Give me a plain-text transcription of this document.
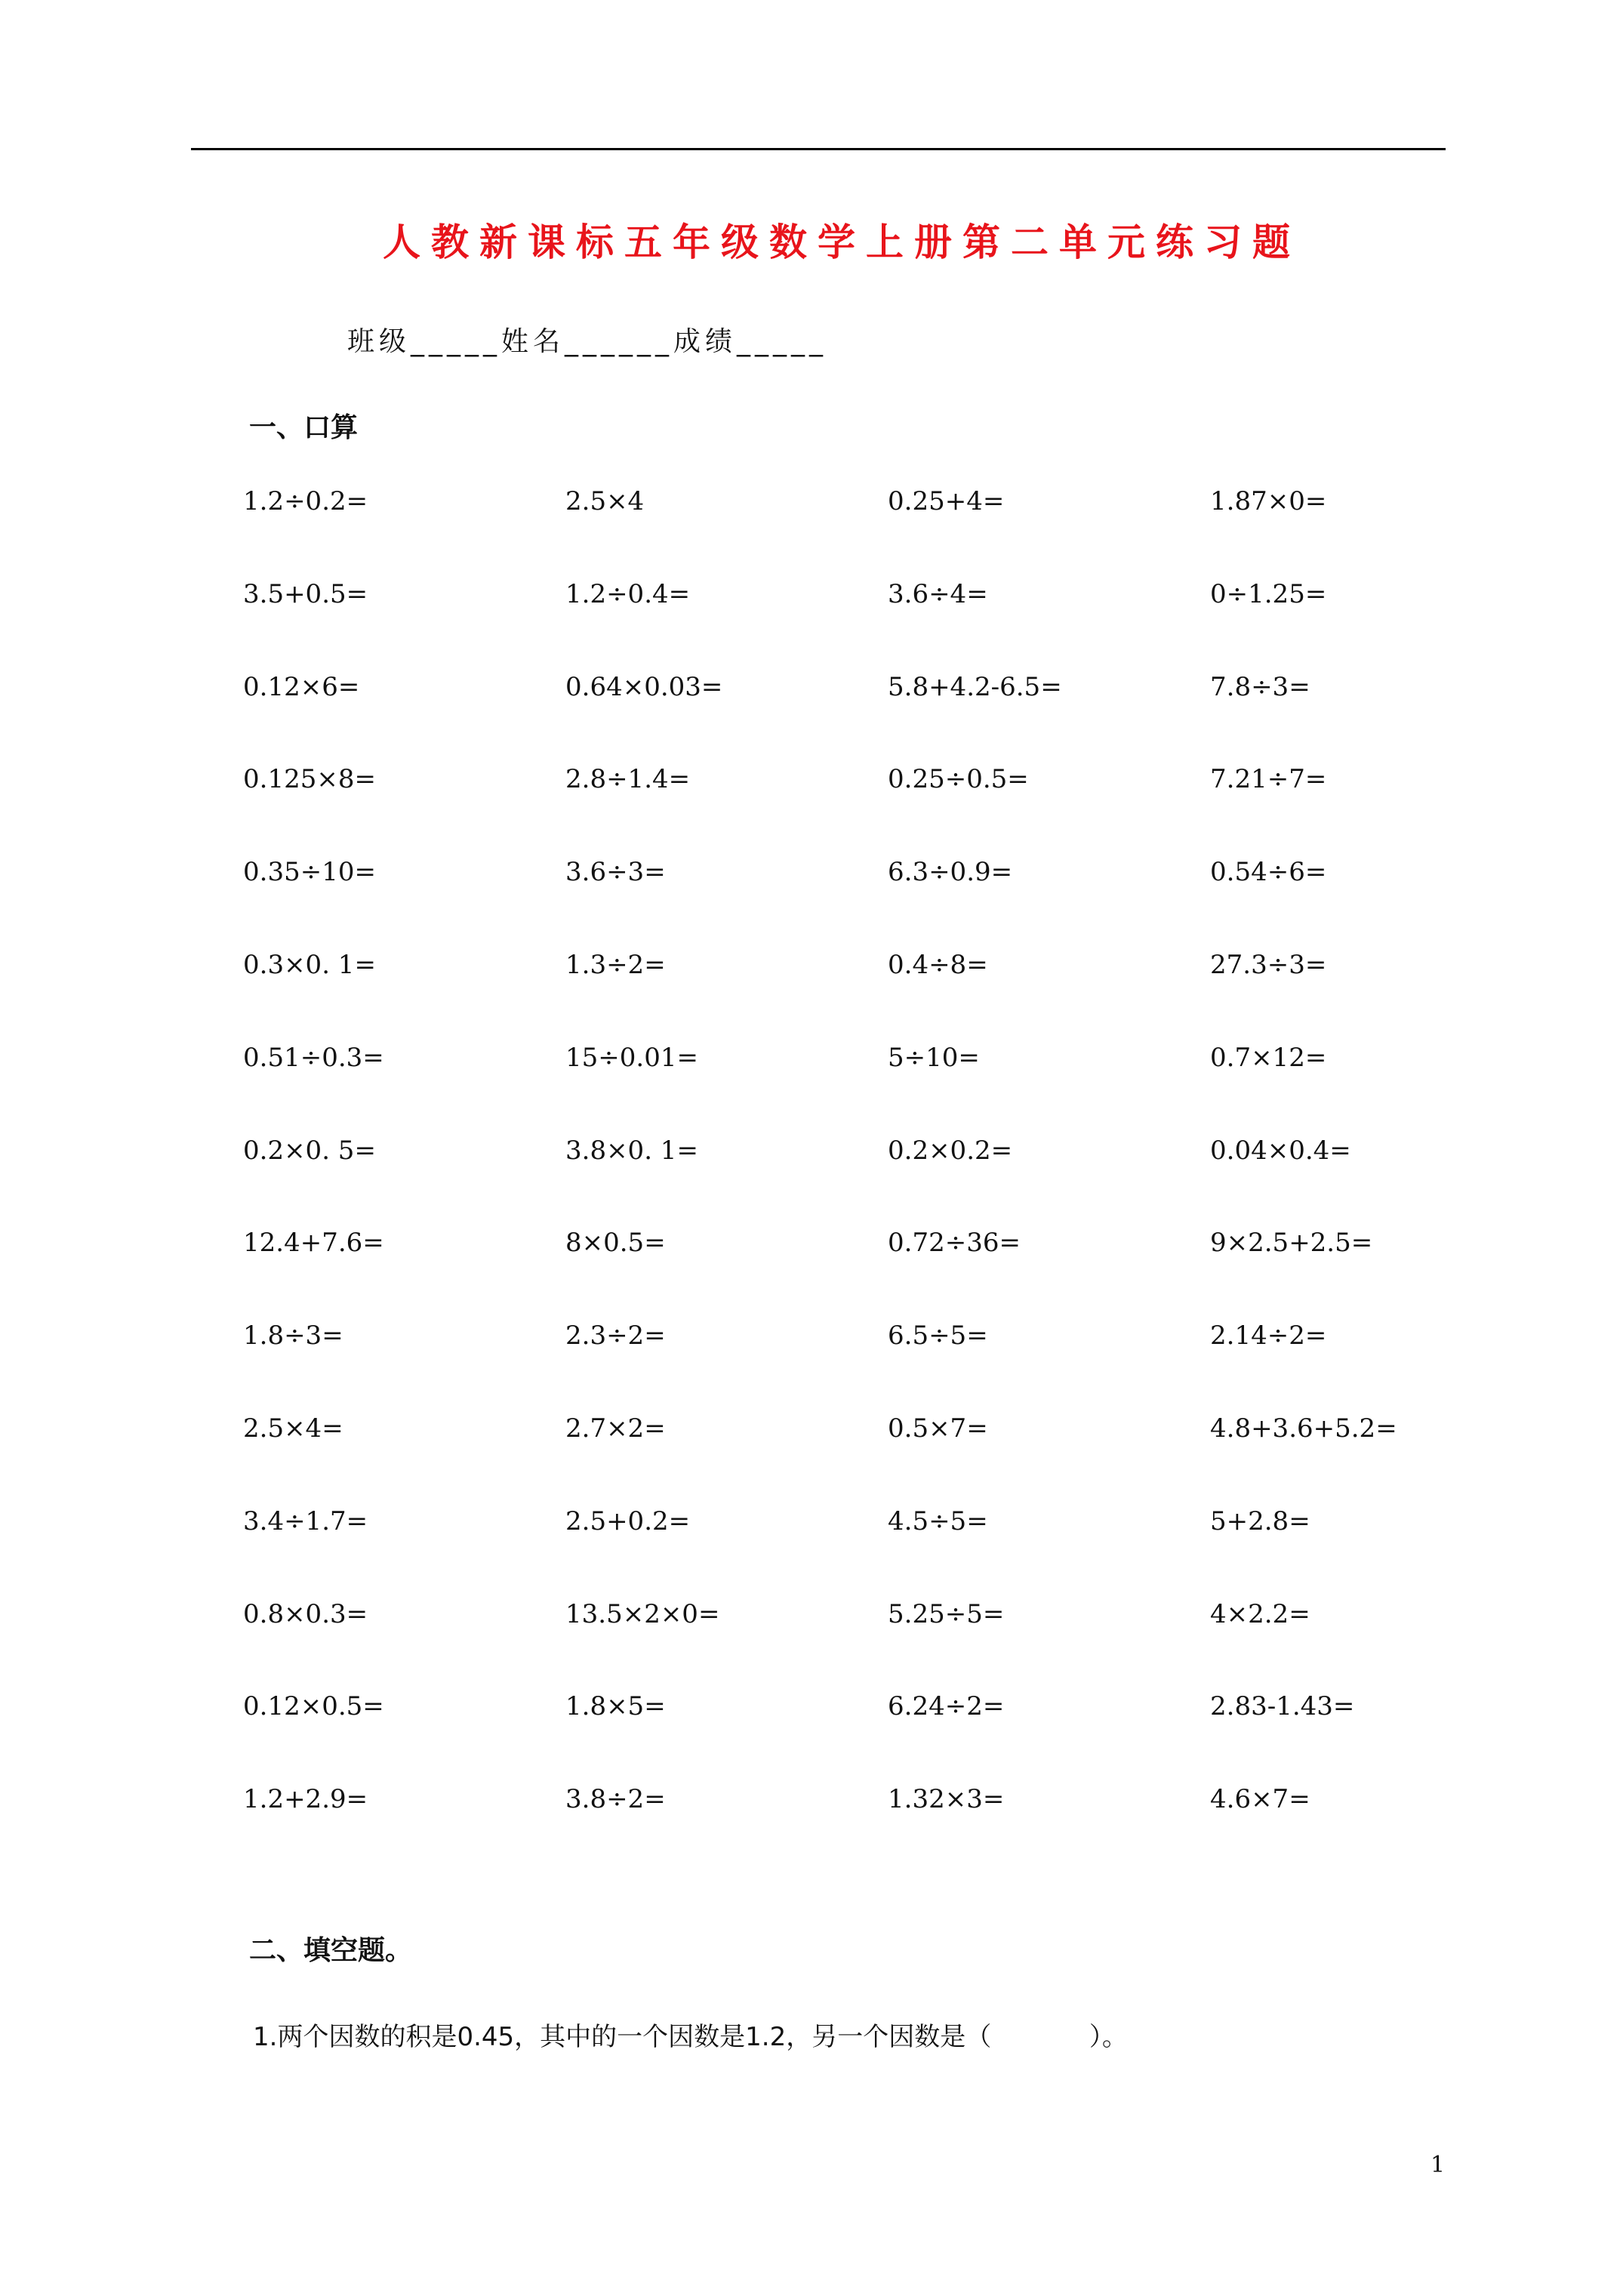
人教新课标五年级数学上册第二单元练习题
班级_____姓名______成绩_____
一、口算
1.2÷0.2=	2.5×4	0.25+4=	1.87×0=
3.5+0.5=	1.2÷0.4=	3.6÷4=	0÷1.25=
0.12×6=	0.64×0.03=	5.8+4.2-6.5=	7.8÷3=
0.125×8=	2.8÷1.4=	0.25÷0.5=	7.21÷7=
0.35÷10=	3.6÷3=	6.3÷0.9=	0.54÷6=
0.3×0. 1=	1.3÷2=	0.4÷8=	27.3÷3=
0.51÷0.3=	15÷0.01=	5÷10=	0.7×12=
0.2×0. 5=	3.8×0. 1=	0.2×0.2=	0.04×0.4=
12.4+7.6=	8×0.5=	0.72÷36=	9×2.5+2.5=
1.8÷3=	2.3÷2=	6.5÷5=	2.14÷2=
2.5×4=	2.7×2=	0.5×7=	4.8+3.6+5.2=
3.4÷1.7=	2.5+0.2=	4.5÷5=	5+2.8=
0.8×0.3=	13.5×2×0=	5.25÷5=	4×2.2=
0.12×0.5=	1.8×5=	6.24÷2=	2.83-1.43=
1.2+2.9=	3.8÷2=	1.32×3=	4.6×7=
二、填空题。
1.两个因数的积是0.45，其中的一个因数是1.2，另一个因数是（            ）。
1
